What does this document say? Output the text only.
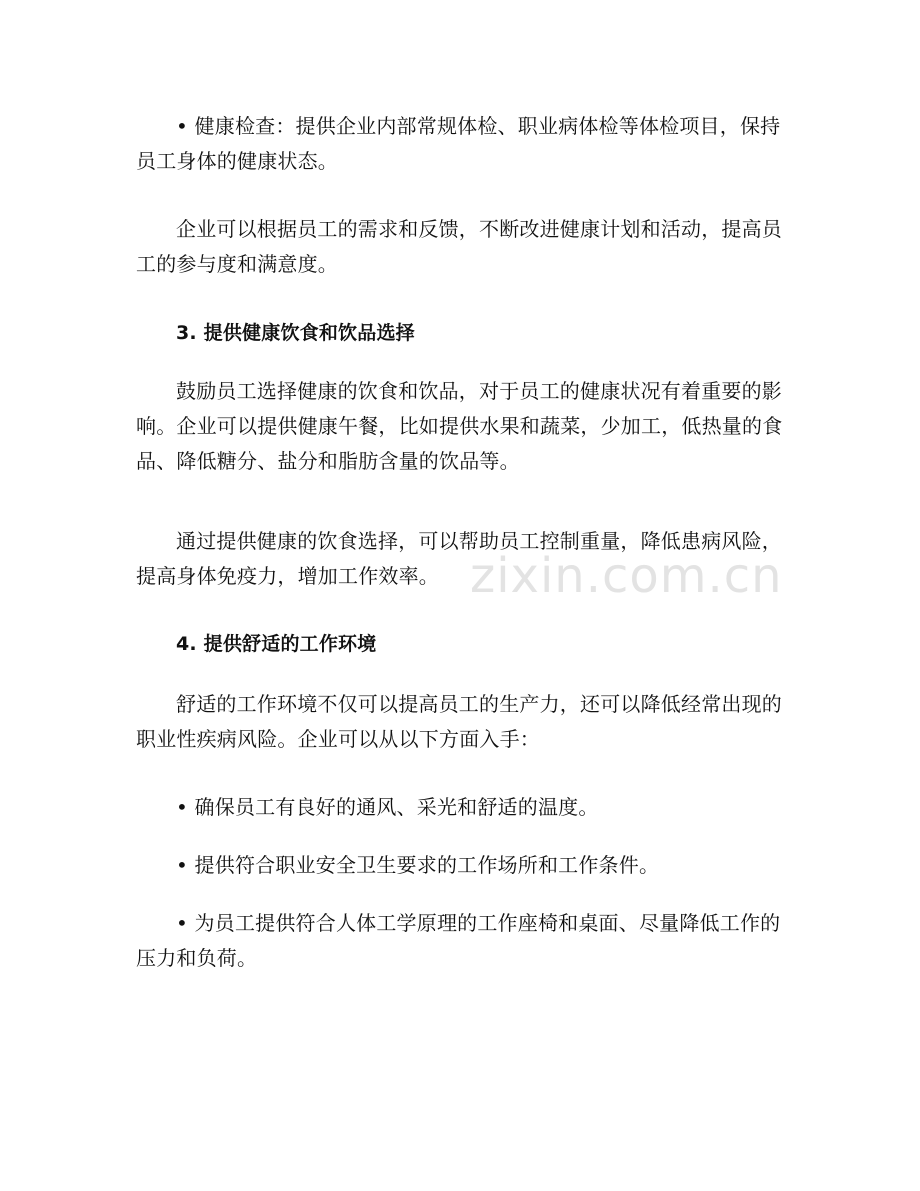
• 健康检查：提供企业内部常规体检、职业病体检等体检项目，保持员工身体的健康状态。

企业可以根据员工的需求和反馈，不断改进健康计划和活动，提高员工的参与度和满意度。

3. 提供健康饮食和饮品选择

鼓励员工选择健康的饮食和饮品，对于员工的健康状况有着重要的影响。企业可以提供健康午餐，比如提供水果和蔬菜，少加工，低热量的食品、降低糖分、盐分和脂肪含量的饮品等。

通过提供健康的饮食选择，可以帮助员工控制重量，降低患病风险，提高身体免疫力，增加工作效率。

4. 提供舒适的工作环境

舒适的工作环境不仅可以提高员工的生产力，还可以降低经常出现的职业性疾病风险。企业可以从以下方面入手：

• 确保员工有良好的通风、采光和舒适的温度。

• 提供符合职业安全卫生要求的工作场所和工作条件。

• 为员工提供符合人体工学原理的工作座椅和桌面、尽量降低工作的压力和负荷。

zixin.com.cn
